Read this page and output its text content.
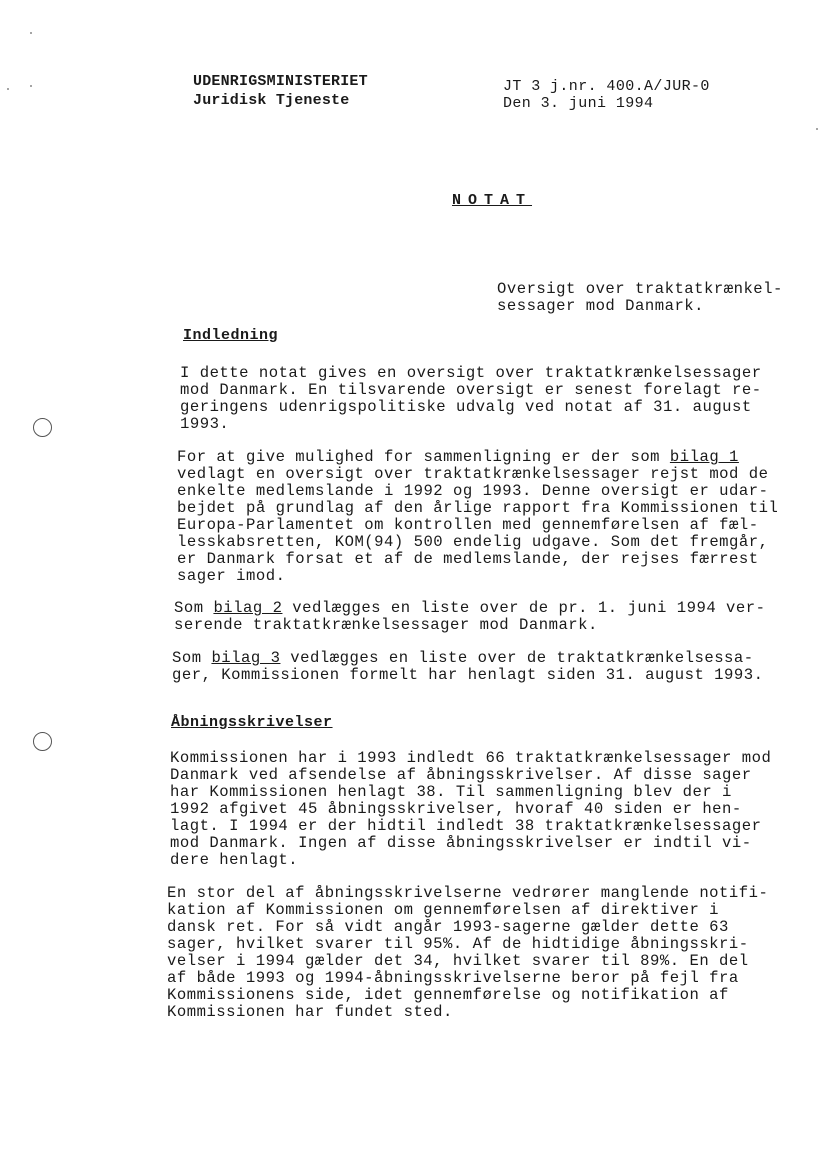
UDENRIGSMINISTERIET
Juridisk Tjeneste
JT 3 j.nr. 400.A/JUR-0
Den 3. juni 1994
NOTAT
Oversigt over traktatkrænkel-
sessager mod Danmark.
Indledning
I dette notat gives en oversigt over traktatkrænkelsessager
mod Danmark. En tilsvarende oversigt er senest forelagt re-
geringens udenrigspolitiske udvalg ved notat af 31. august
1993.
For at give mulighed for sammenligning er der som bilag 1
vedlagt en oversigt over traktatkrænkelsessager rejst mod de
enkelte medlemslande i 1992 og 1993. Denne oversigt er udar-
bejdet på grundlag af den årlige rapport fra Kommissionen til
Europa-Parlamentet om kontrollen med gennemførelsen af fæl-
lesskabsretten, KOM(94) 500 endelig udgave. Som det fremgår,
er Danmark forsat et af de medlemslande, der rejses færrest
sager imod.
Som bilag 2 vedlægges en liste over de pr. 1. juni 1994 ver-
serende traktatkrænkelsessager mod Danmark.
Som bilag 3 vedlægges en liste over de traktatkrænkelsessa-
ger, Kommissionen formelt har henlagt siden 31. august 1993.
Åbningsskrivelser
Kommissionen har i 1993 indledt 66 traktatkrænkelsessager mod
Danmark ved afsendelse af åbningsskrivelser. Af disse sager
har Kommissionen henlagt 38. Til sammenligning blev der i
1992 afgivet 45 åbningsskrivelser, hvoraf 40 siden er hen-
lagt. I 1994 er der hidtil indledt 38 traktatkrænkelsessager
mod Danmark. Ingen af disse åbningsskrivelser er indtil vi-
dere henlagt.
En stor del af åbningsskrivelserne vedrører manglende notifi-
kation af Kommissionen om gennemførelsen af direktiver i
dansk ret. For så vidt angår 1993-sagerne gælder dette 63
sager, hvilket svarer til 95%. Af de hidtidige åbningsskri-
velser i 1994 gælder det 34, hvilket svarer til 89%. En del
af både 1993 og 1994-åbningsskrivelserne beror på fejl fra
Kommissionens side, idet gennemførelse og notifikation af
Kommissionen har fundet sted.
